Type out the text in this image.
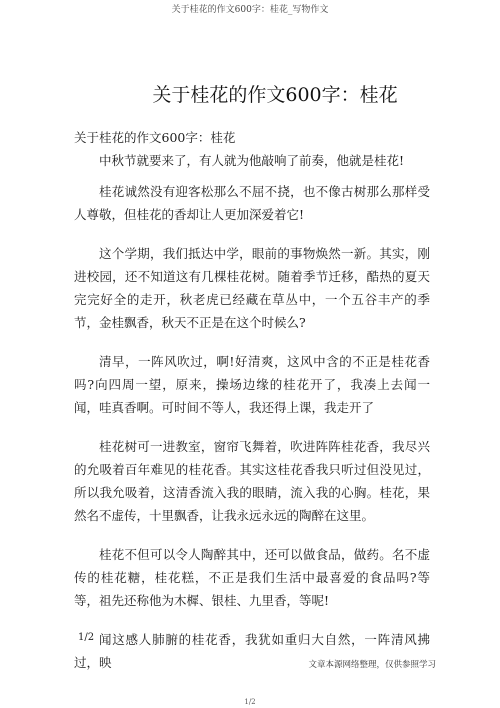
关于桂花的作文600字：桂花_写物作文
关于桂花的作文600字：桂花

关于桂花的作文600字：桂花

中秋节就要来了，有人就为他敲响了前奏，他就是桂花!

桂花诚然没有迎客松那么不屈不挠，也不像古树那么那样受人尊敬，但桂花的香却让人更加深爱着它!

这个学期，我们抵达中学，眼前的事物焕然一新。其实，刚进校园，还不知道这有几棵桂花树。随着季节迁移，酷热的夏天完完好全的走开，秋老虎已经藏在草丛中，一个五谷丰产的季节，金桂飘香，秋天不正是在这个时候么?

清早，一阵风吹过，啊!好清爽，这风中含的不正是桂花香吗?向四周一望，原来，操场边缘的桂花开了，我凑上去闻一闻，哇真香啊。可时间不等人，我还得上课，我走开了

桂花树可一进教室，窗帘飞舞着，吹进阵阵桂花香，我尽兴的允吸着百年难见的桂花香。其实这桂花香我只听过但没见过，所以我允吸着，这清香流入我的眼睛，流入我的心胸。桂花，果然名不虚传，十里飘香，让我永远永远的陶醉在这里。

桂花不但可以令人陶醉其中，还可以做食品，做药。名不虚传的桂花糖，桂花糕，不正是我们生活中最喜爱的食品吗?等等，祖先还称他为木樨、银桂、九里香，等呢!

闻这感人肺腑的桂花香，我犹如重归大自然，一阵清风拂过，映

1/2
文章本源网络整理，仅供参照学习
1/2
